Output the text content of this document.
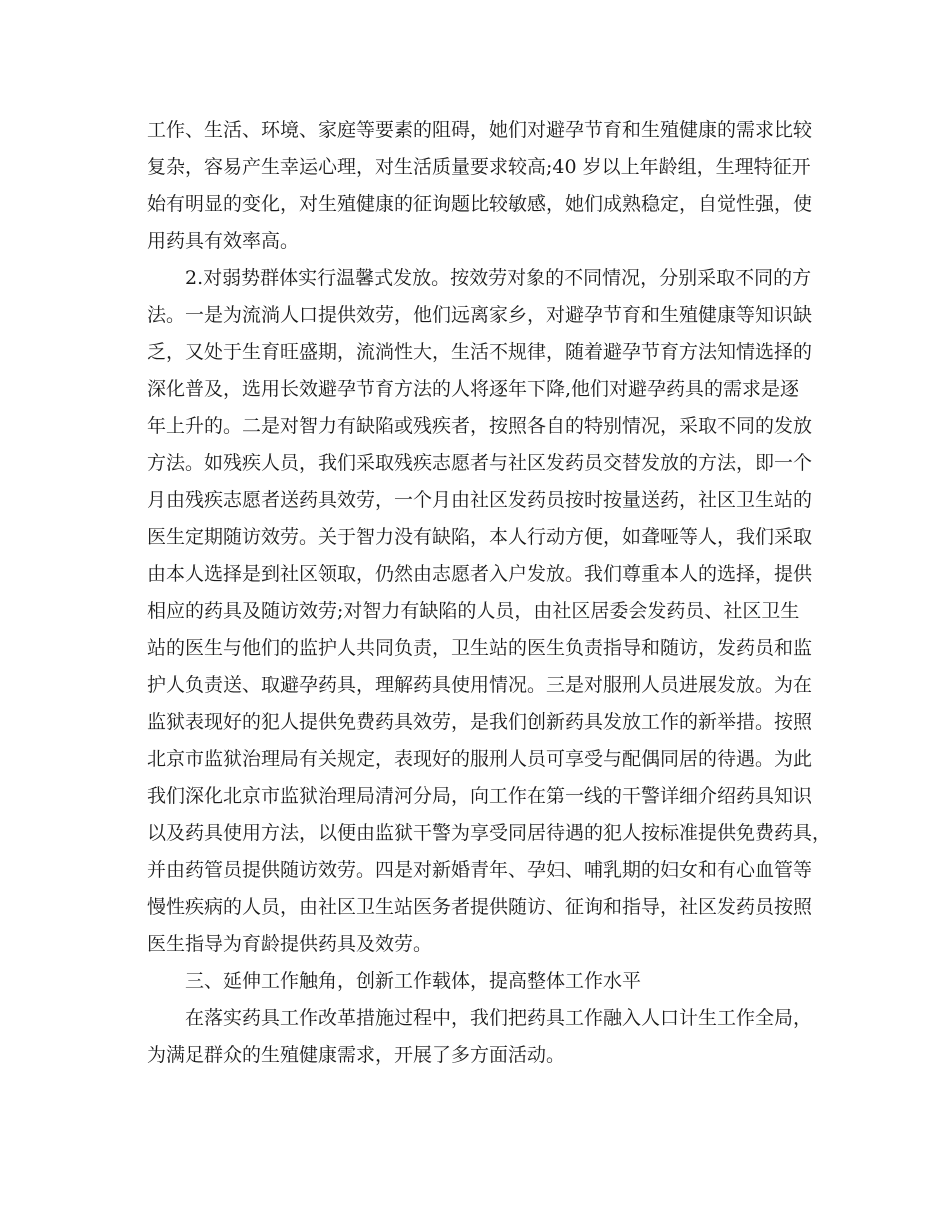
工作、生活、环境、家庭等要素的阻碍，她们对避孕节育和生殖健康的需求比较
复杂，容易产生幸运心理，对生活质量要求较高;40 岁以上年龄组，生理特征开
始有明显的变化，对生殖健康的征询题比较敏感，她们成熟稳定，自觉性强，使
用药具有效率高。
2.对弱势群体实行温馨式发放。按效劳对象的不同情况，分别采取不同的方
法。一是为流淌人口提供效劳，他们远离家乡，对避孕节育和生殖健康等知识缺
乏，又处于生育旺盛期，流淌性大，生活不规律，随着避孕节育方法知情选择的
深化普及，选用长效避孕节育方法的人将逐年下降,他们对避孕药具的需求是逐
年上升的。二是对智力有缺陷或残疾者，按照各自的特别情况，采取不同的发放
方法。如残疾人员，我们采取残疾志愿者与社区发药员交替发放的方法，即一个
月由残疾志愿者送药具效劳，一个月由社区发药员按时按量送药，社区卫生站的
医生定期随访效劳。关于智力没有缺陷，本人行动方便，如聋哑等人，我们采取
由本人选择是到社区领取，仍然由志愿者入户发放。我们尊重本人的选择，提供
相应的药具及随访效劳;对智力有缺陷的人员，由社区居委会发药员、社区卫生
站的医生与他们的监护人共同负责，卫生站的医生负责指导和随访，发药员和监
护人负责送、取避孕药具，理解药具使用情况。三是对服刑人员进展发放。为在
监狱表现好的犯人提供免费药具效劳，是我们创新药具发放工作的新举措。按照
北京市监狱治理局有关规定，表现好的服刑人员可享受与配偶同居的待遇。为此
我们深化北京市监狱治理局清河分局，向工作在第一线的干警详细介绍药具知识
以及药具使用方法，以便由监狱干警为享受同居待遇的犯人按标准提供免费药具，
并由药管员提供随访效劳。四是对新婚青年、孕妇、哺乳期的妇女和有心血管等
慢性疾病的人员，由社区卫生站医务者提供随访、征询和指导，社区发药员按照
医生指导为育龄提供药具及效劳。
三、延伸工作触角，创新工作载体，提高整体工作水平
在落实药具工作改革措施过程中，我们把药具工作融入人口计生工作全局，
为满足群众的生殖健康需求，开展了多方面活动。
